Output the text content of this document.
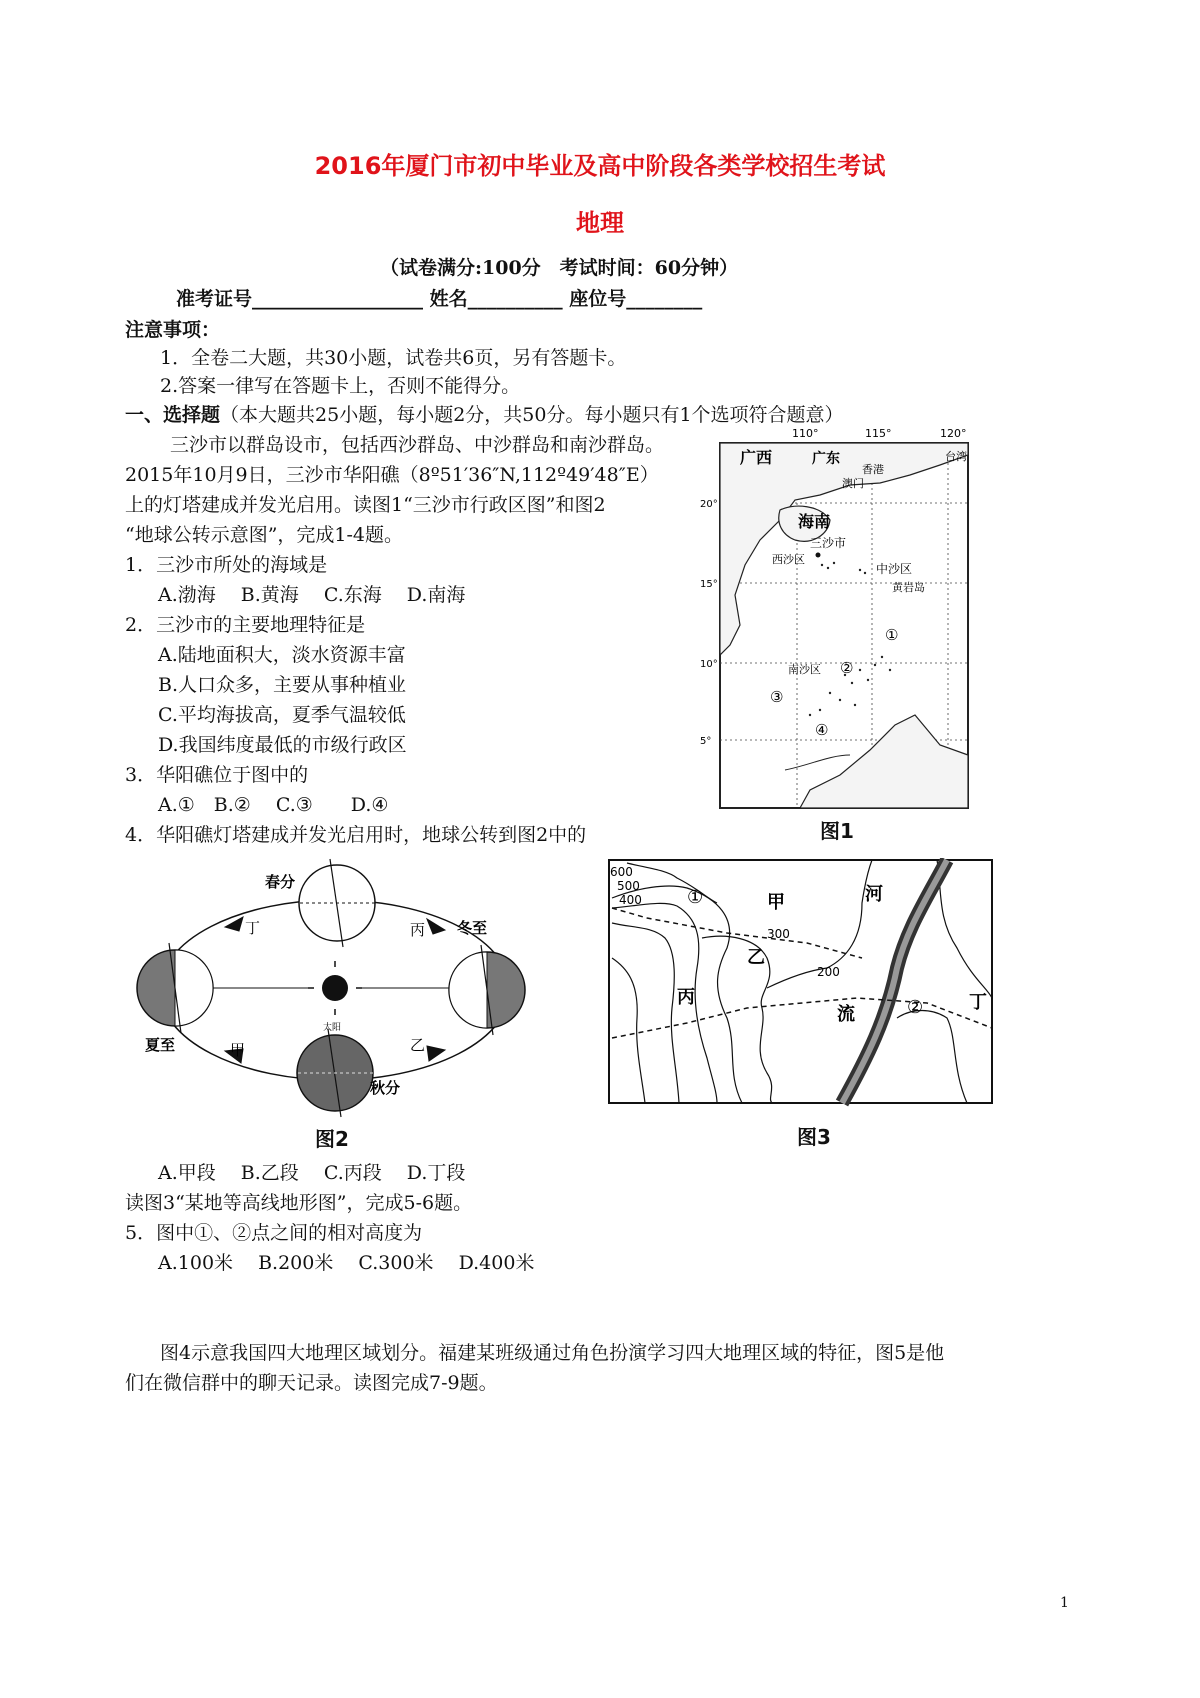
2016年厦门市初中毕业及高中阶段各类学校招生考试
地理
（试卷满分:100分　考试时间：60分钟）
准考证号__________________ 姓名__________ 座位号________
注意事项：
1．全卷二大题，共30小题，试卷共6页，另有答题卡。
2.答案一律写在答题卡上，否则不能得分。
一、选择题（本大题共25小题，每小题2分，共50分。每小题只有1个选项符合题意）
三沙市以群岛设市，包括西沙群岛、中沙群岛和南沙群岛。
2015年10月9日，三沙市华阳礁（8º51′36″N,112º49′48″E）
上的灯塔建成并发光启用。读图1“三沙市行政区图”和图2
“地球公转示意图”，完成1-4题。
1．三沙市所处的海域是
A.渤海　 B.黄海　 C.东海　 D.南海
2．三沙市的主要地理特征是
A.陆地面积大，淡水资源丰富
B.人口众多，主要从事种植业
C.平均海拔高，夏季气温较低
D.我国纬度最低的市级行政区
3．华阳礁位于图中的
A.①　B.②　 C.③　　D.④
4．华阳礁灯塔建成并发光启用时，地球公转到图2中的
110°	115°	120°
20°
15°
10°
5°
广西	广东
香港
澳门
台湾
海南
三沙市
西沙区
中沙区
黄岩岛
南沙区
①
②
③
④
图1
太阳
春分
夏至
秋分
冬至
甲	乙
丙
丁
图2
600
500
400
300
200
①
②
甲
乙
丙	丁
河
流
图3
A.甲段　 B.乙段　 C.丙段　 D.丁段
读图3“某地等高线地形图”，完成5-6题。
5．图中①、②点之间的相对高度为
A.100米　 B.200米　 C.300米　 D.400米
图4示意我国四大地理区域划分。福建某班级通过角色扮演学习四大地理区域的特征，图5是他
们在微信群中的聊天记录。读图完成7-9题。
1
